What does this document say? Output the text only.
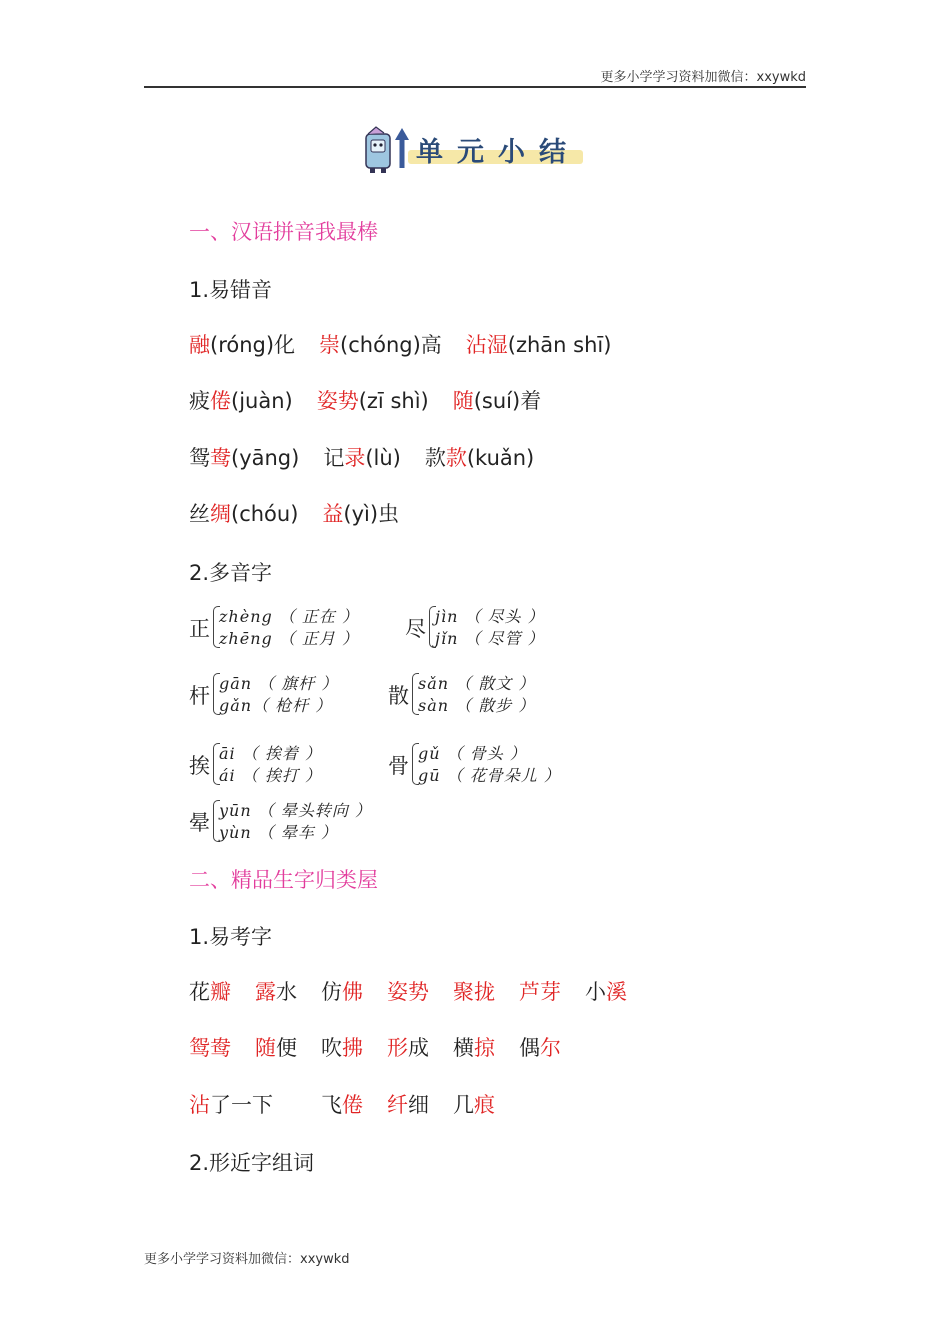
更多小学学习资料加微信：xxywkd
单元小结
一、汉语拼音我最棒
1.易错音
融(róng)化 崇(chóng)高 沾湿(zhān shī)
疲倦(juàn) 姿势(zī shì) 随(suí)着
鸳鸯(yāng) 记录(lù) 款款(kuǎn)
丝绸(chóu) 益(yì)虫
2.多音字
正
zhèng （ 正在 ）
zhēng （ 正月 ） 尽
jìn （ 尽头 ）
jǐn （ 尽管 ）
杆
gān （ 旗杆 ）
gǎn（ 枪杆 ）	散
sǎn （ 散文 ）
sàn （ 散步 ）
挨
āi （ 挨着 ）
ái （ 挨打 ）	骨
gǔ （ 骨头 ）
gū （ 花骨朵儿 ）
晕
yūn （ 晕头转向 ）
yùn （ 晕车 ）
二、精品生字归类屋
1.易考字
花瓣 露水 仿佛 姿势 聚拢 芦芽 小溪
鸳鸯 随便 吹拂 形成 横掠 偶尔
沾了一下 飞倦 纤细 几痕
2.形近字组词
更多小学学习资料加微信：xxywkd
